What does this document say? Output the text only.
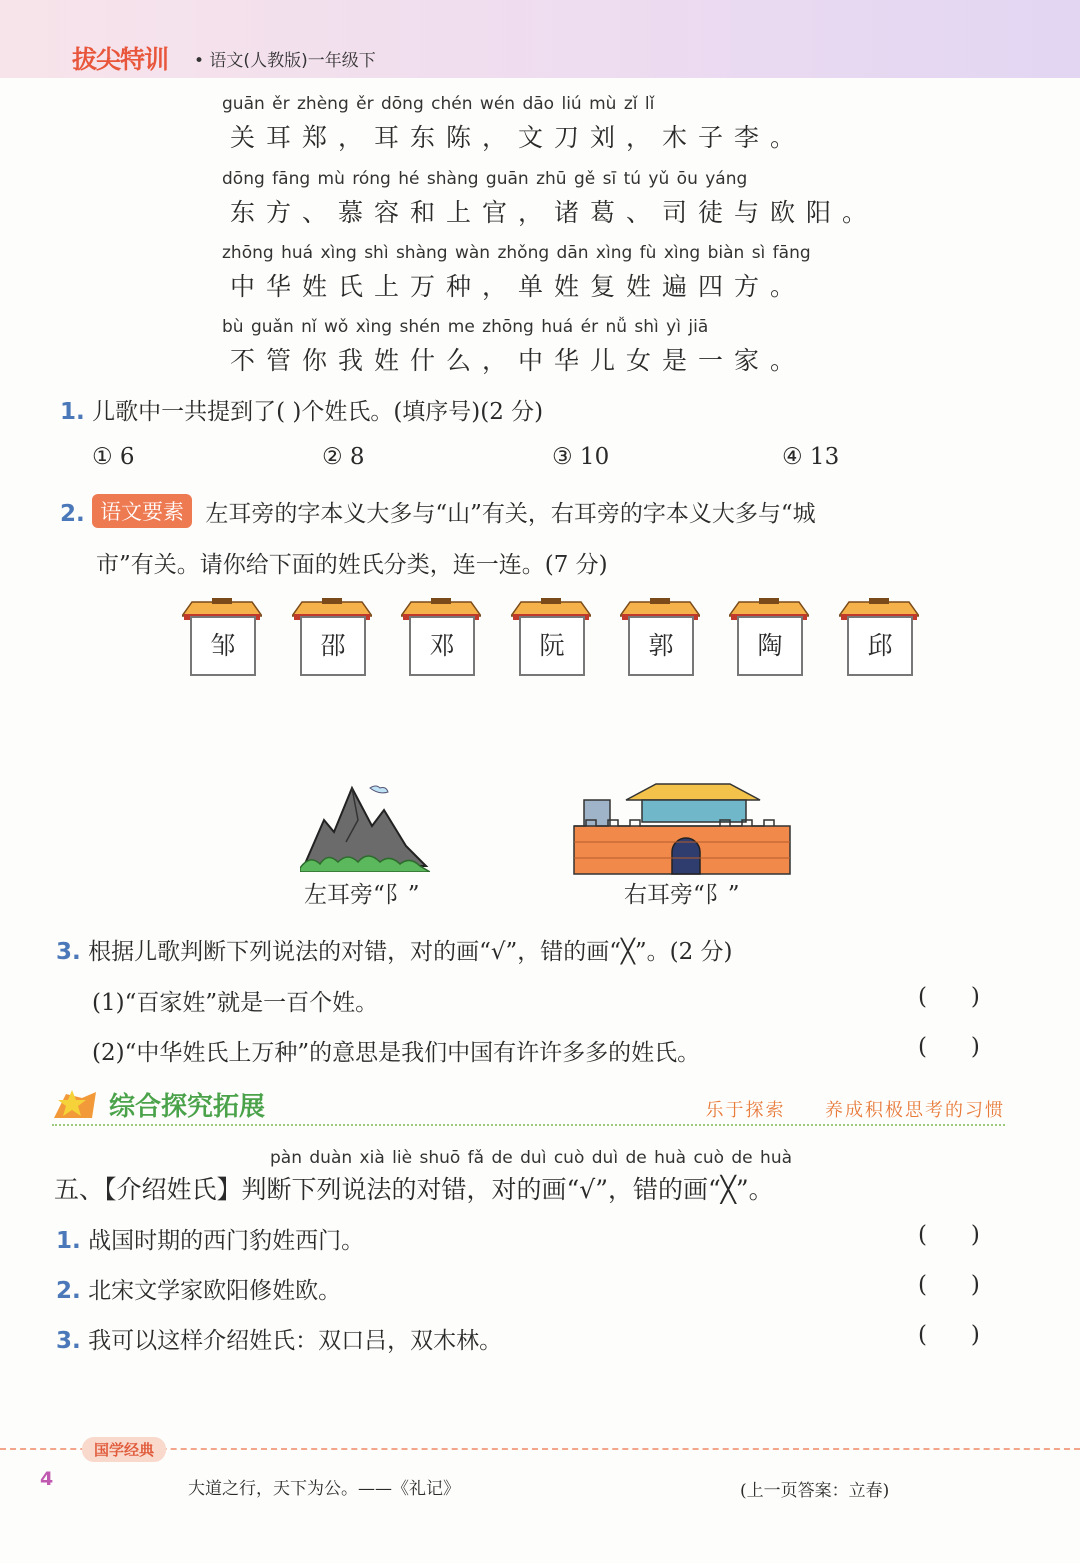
拔尖特训 • 语文(人教版)一年级下
guān ěr zhèng ěr dōng chén wén dāo liú mù zǐ lǐ
关耳郑，耳东陈，文刀刘，木子李。
dōng fāng mù róng hé shàng guān zhū gě sī tú yǔ ōu yáng
东方、慕容和上官，诸葛、司徒与欧阳。
zhōng huá xìng shì shàng wàn zhǒng dān xìng fù xìng biàn sì fāng
中华姓氏上万种，单姓复姓遍四方。
bù guǎn nǐ wǒ xìng shén me zhōng huá ér nǚ shì yì jiā
不管你我姓什么，中华儿女是一家。
1. 儿歌中一共提到了( )个姓氏。(填序号)(2 分)
① 6	② 8	③ 10	④ 13
2. 语文要素 左耳旁的字本义大多与“山”有关，右耳旁的字本义大多与“城
市”有关。请你给下面的姓氏分类，连一连。(7 分)
邹	邵	邓	阮	郭	陶	邱
左耳旁“阝”	右耳旁“阝”
3. 根据儿歌判断下列说法的对错，对的画“√”，错的画“╳”。(2 分)
(1)“百家姓”就是一百个姓。	(      )
(2)“中华姓氏上万种”的意思是我们中国有许许多多的姓氏。	(      )
综合探究拓展	乐于探索 养成积极思考的习惯
pàn duàn xià liè shuō fǎ de duì cuò duì de huà cuò de huà
五、【介绍姓氏】判断下列说法的对错，对的画“√”，错的画“╳”。
1. 战国时期的西门豹姓西门。	(      )
2. 北宋文学家欧阳修姓欧。	(      )
3. 我可以这样介绍姓氏：双口吕，双木林。	(      )
国学经典
4	大道之行，天下为公。——《礼记》	(上一页答案：立春)
